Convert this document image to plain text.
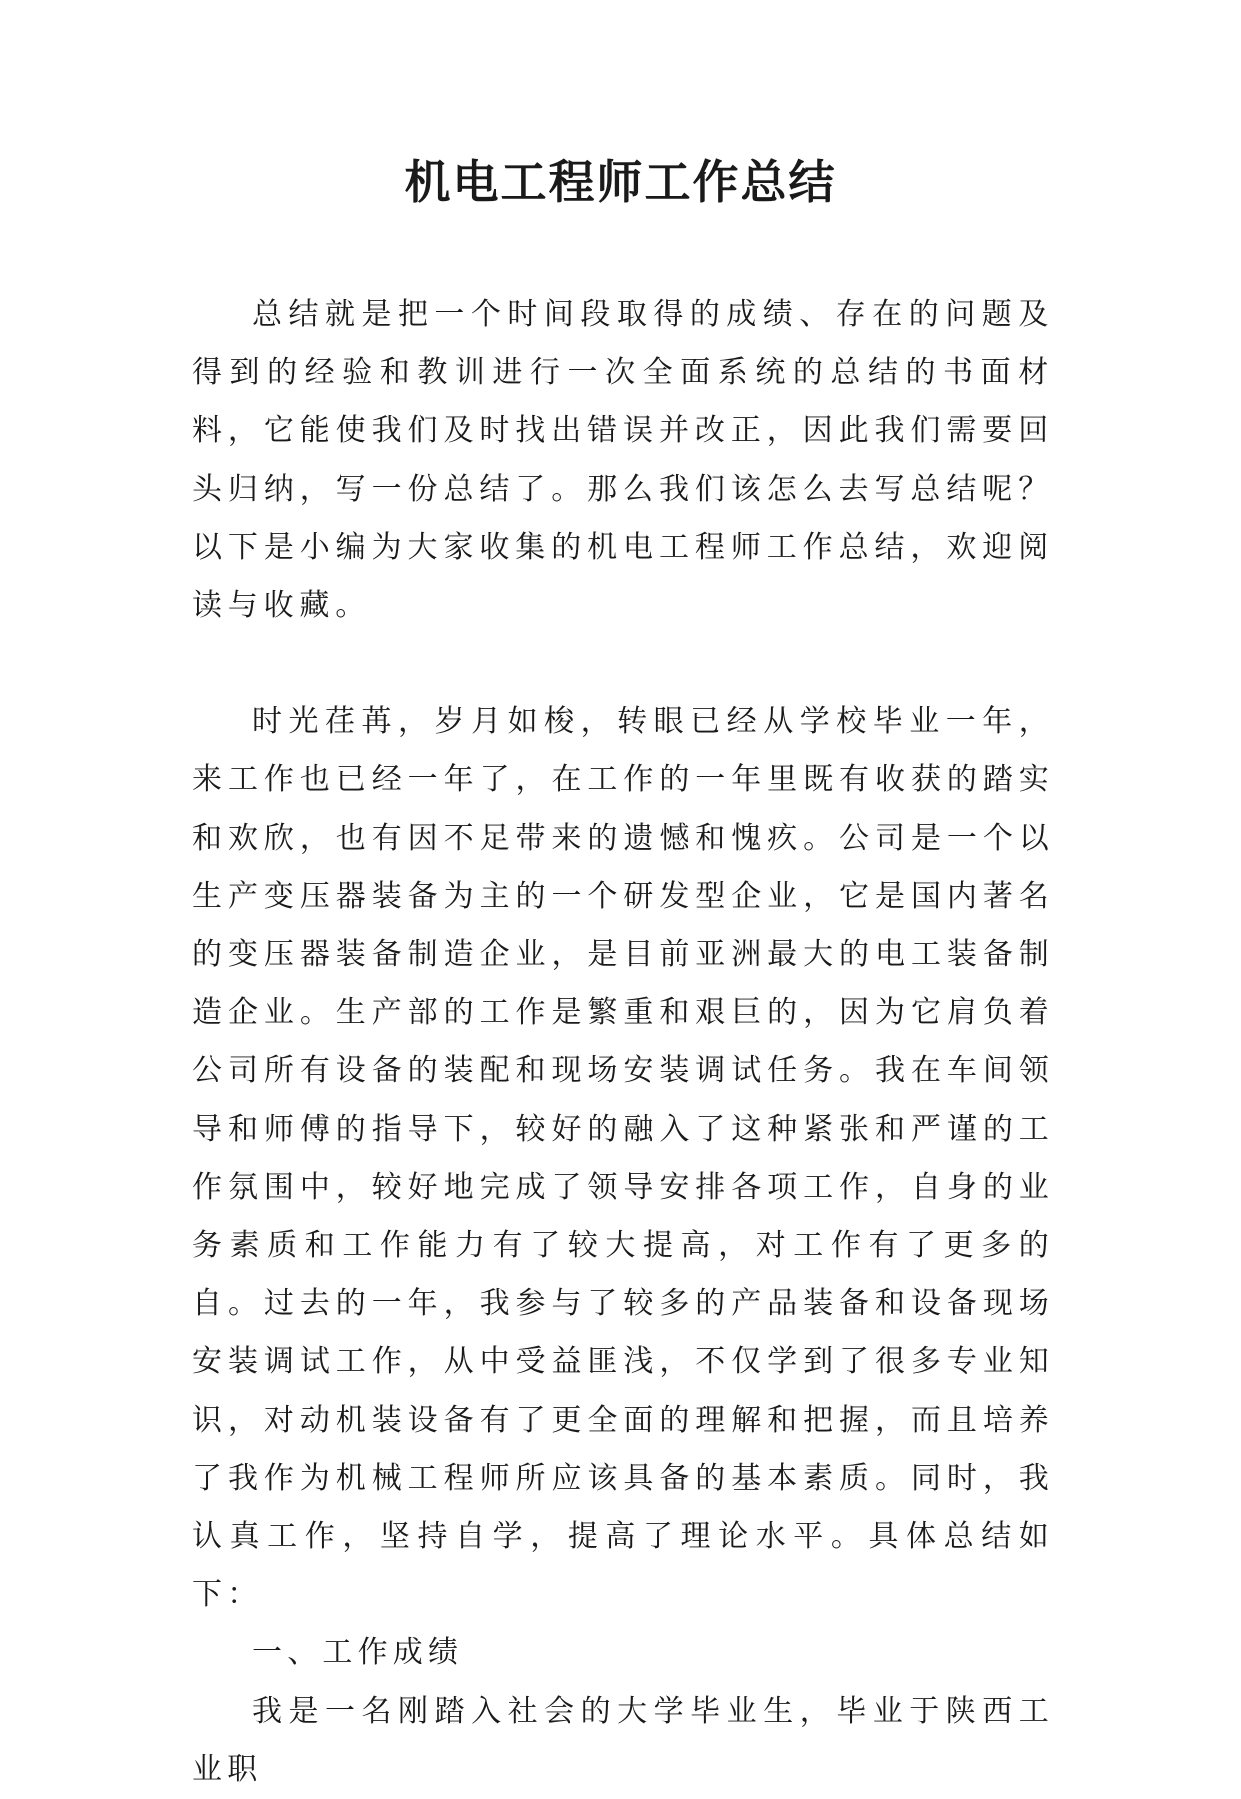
机电工程师工作总结

总结就是把一个时间段取得的成绩、存在的问题及得到的经验和教训进行一次全面系统的总结的书面材料，它能使我们及时找出错误并改正，因此我们需要回头归纳，写一份总结了。那么我们该怎么去写总结呢？以下是小编为大家收集的机电工程师工作总结，欢迎阅读与收藏。

时光荏苒，岁月如梭，转眼已经从学校毕业一年，来工作也已经一年了，在工作的一年里既有收获的踏实和欢欣，也有因不足带来的遗憾和愧疚。公司是一个以生产变压器装备为主的一个研发型企业，它是国内著名的变压器装备制造企业，是目前亚洲最大的电工装备制造企业。生产部的工作是繁重和艰巨的，因为它肩负着公司所有设备的装配和现场安装调试任务。我在车间领导和师傅的指导下，较好的融入了这种紧张和严谨的工作氛围中，较好地完成了领导安排各项工作，自身的业务素质和工作能力有了较大提高，对工作有了更多的自。过去的一年，我参与了较多的产品装备和设备现场安装调试工作，从中受益匪浅，不仅学到了很多专业知识，对动机装设备有了更全面的理解和把握，而且培养了我作为机械工程师所应该具备的基本素质。同时，我认真工作，坚持自学，提高了理论水平。具体总结如下：

一、工作成绩

我是一名刚踏入社会的大学毕业生，毕业于陕西工业职
